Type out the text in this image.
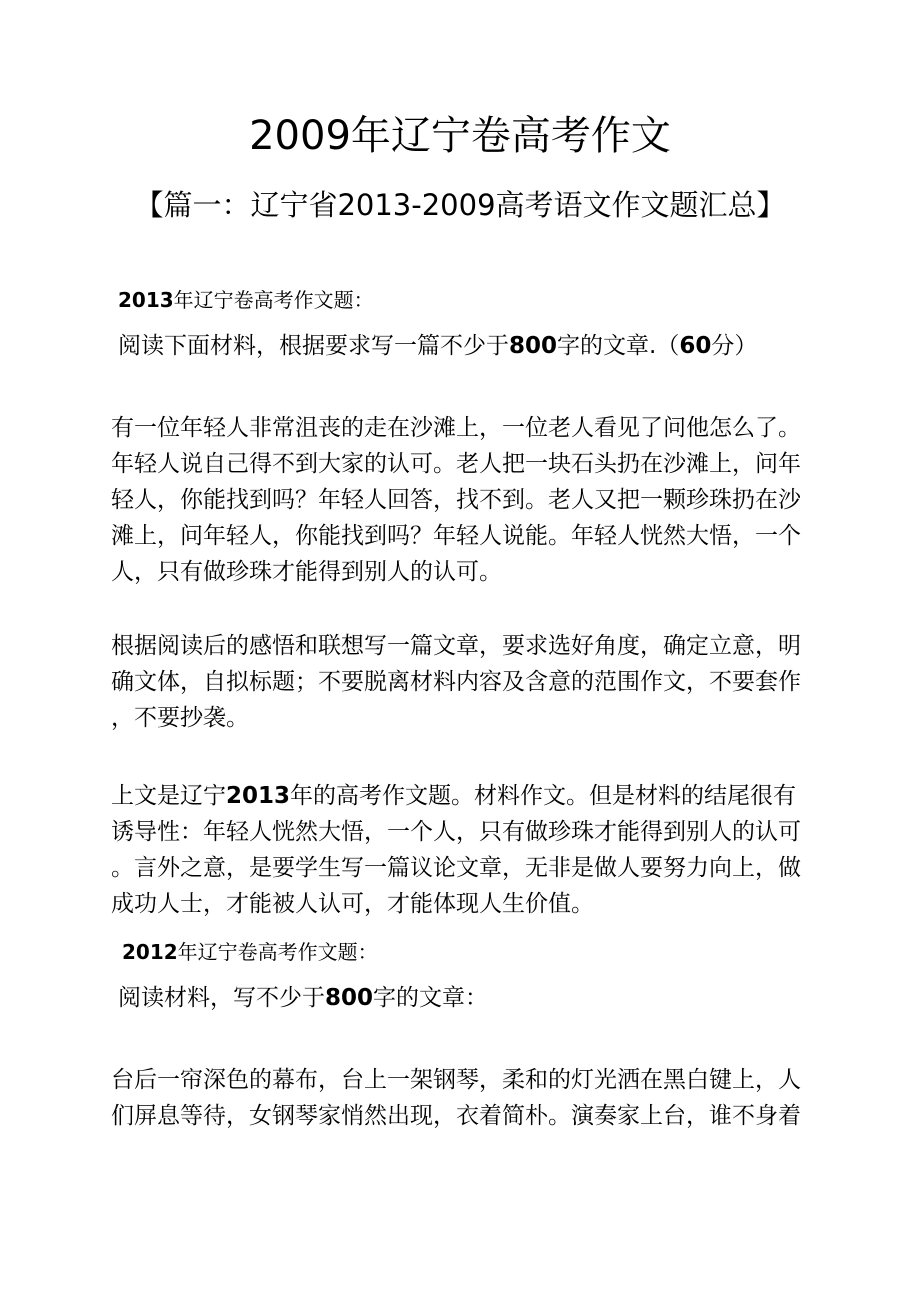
2009年辽宁卷高考作文
【篇一：辽宁省2013-2009高考语文作文题汇总】
2013年辽宁卷高考作文题：
阅读下面材料，根据要求写一篇不少于800字的文章.（60分）
有一位年轻人非常沮丧的走在沙滩上，一位老人看见了问他怎么了。
年轻人说自己得不到大家的认可。老人把一块石头扔在沙滩上，问年
轻人，你能找到吗？年轻人回答，找不到。老人又把一颗珍珠扔在沙
滩上，问年轻人，你能找到吗？年轻人说能。年轻人恍然大悟，一个
人，只有做珍珠才能得到别人的认可。
根据阅读后的感悟和联想写一篇文章，要求选好角度，确定立意，明
确文体，自拟标题；不要脱离材料内容及含意的范围作文，不要套作
，不要抄袭。
上文是辽宁2013年的高考作文题。材料作文。但是材料的结尾很有
诱导性：年轻人恍然大悟，一个人，只有做珍珠才能得到别人的认可
。言外之意，是要学生写一篇议论文章，无非是做人要努力向上，做
成功人士，才能被人认可，才能体现人生价值。
2012年辽宁卷高考作文题：
阅读材料，写不少于800字的文章：
台后一帘深色的幕布，台上一架钢琴，柔和的灯光洒在黑白键上，人
们屏息等待，女钢琴家悄然出现，衣着简朴。演奏家上台，谁不身着
